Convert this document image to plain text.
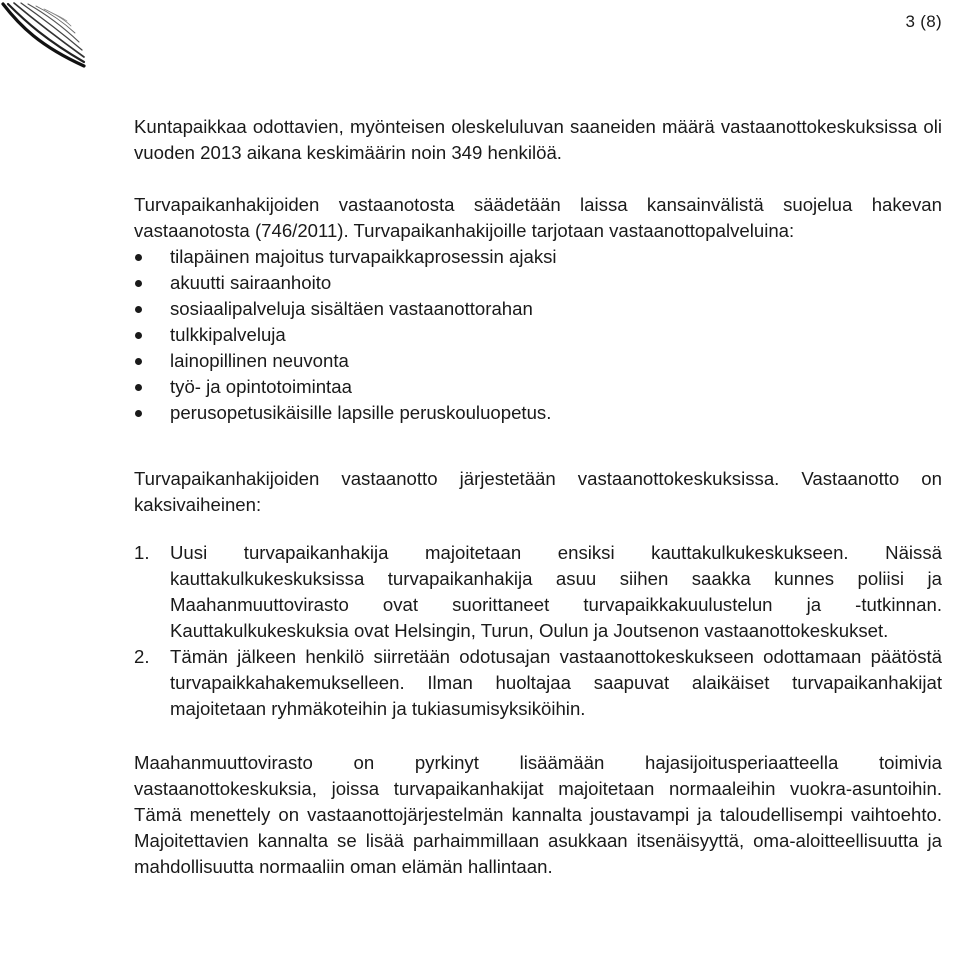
3 (8)

Kuntapaikkaa odottavien, myönteisen oleskeluluvan saaneiden määrä vastaanottokeskuksissa oli vuoden 2013 aikana keskimäärin noin 349 henkilöä.

Turvapaikanhakijoiden vastaanotosta säädetään laissa kansainvälistä suojelua hakevan vastaanotosta (746/2011). Turvapaikanhakijoille tarjotaan vastaanottopalveluina:

tilapäinen majoitus turvapaikkaprosessin ajaksi
akuutti sairaanhoito
sosiaalipalveluja sisältäen vastaanottorahan
tulkkipalveluja
lainopillinen neuvonta
työ- ja opintotoimintaa
perusopetusikäisille lapsille peruskouluopetus.

Turvapaikanhakijoiden vastaanotto järjestetään vastaanottokeskuksissa. Vastaanotto on kaksivaiheinen:

1. Uusi turvapaikanhakija majoitetaan ensiksi kauttakulkukeskukseen. Näissä kauttakulkukeskuksissa turvapaikanhakija asuu siihen saakka kunnes poliisi ja Maahanmuuttovirasto ovat suorittaneet turvapaikkakuulustelun ja -tutkinnan. Kauttakulkukeskuksia ovat Helsingin, Turun, Oulun ja Joutsenon vastaanottokeskukset.
2. Tämän jälkeen henkilö siirretään odotusajan vastaanottokeskukseen odottamaan päätöstä turvapaikkahakemukselleen. Ilman huoltajaa saapuvat alaikäiset turvapaikanhakijat majoitetaan ryhmäkoteihin ja tukiasumisyksiköihin.

Maahanmuuttovirasto on pyrkinyt lisäämään hajasijoitusperiaatteella toimivia vastaanottokeskuksia, joissa turvapaikanhakijat majoitetaan normaaleihin vuokra-asuntoihin. Tämä menettely on vastaanottojärjestelmän kannalta joustavampi ja taloudellisempi vaihtoehto. Majoitettavien kannalta se lisää parhaimmillaan asukkaan itsenäisyyttä, oma-aloitteellisuutta ja mahdollisuutta normaaliin oman elämän hallintaan.
